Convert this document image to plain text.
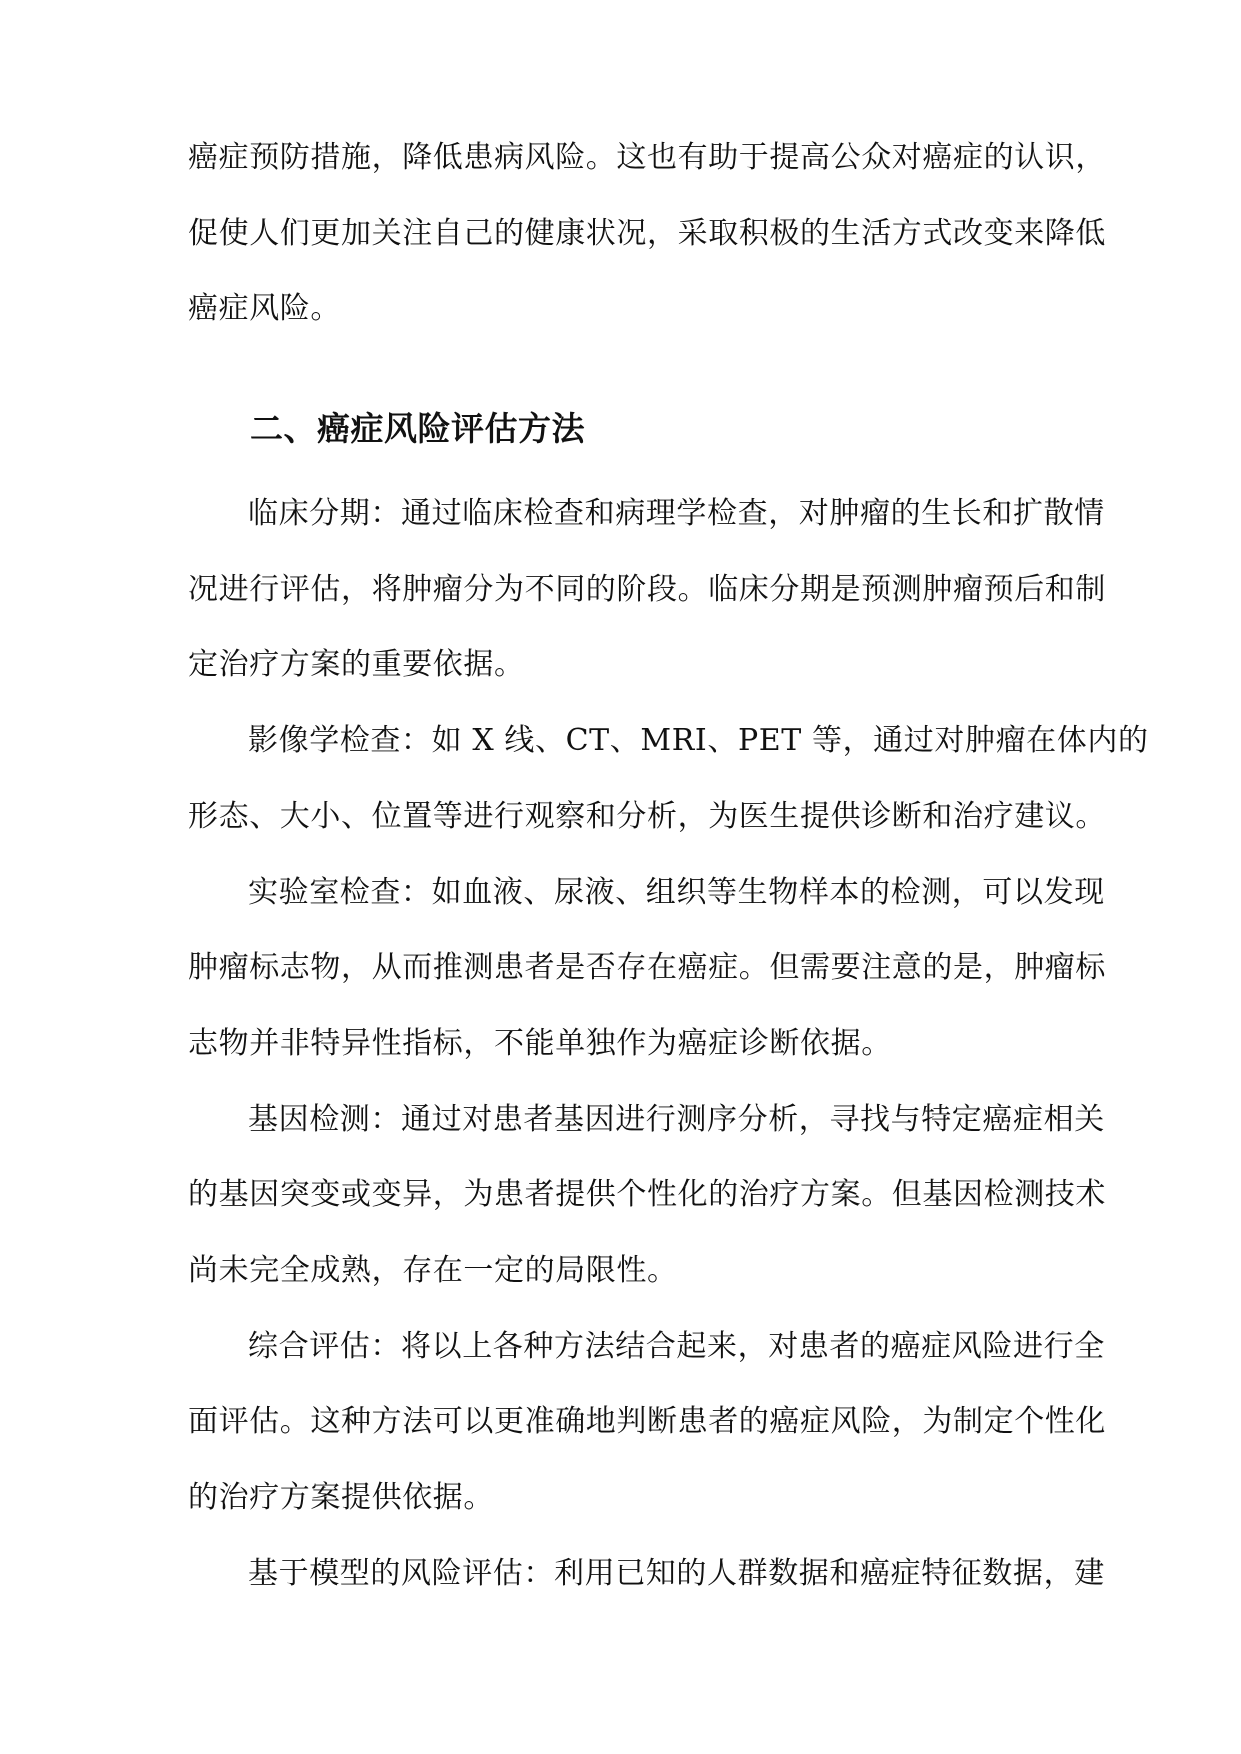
癌症预防措施，降低患病风险。这也有助于提高公众对癌症的认识，
促使人们更加关注自己的健康状况，采取积极的生活方式改变来降低
癌症风险。
二、癌症风险评估方法
临床分期：通过临床检查和病理学检查，对肿瘤的生长和扩散情
况进行评估，将肿瘤分为不同的阶段。临床分期是预测肿瘤预后和制
定治疗方案的重要依据。
影像学检查：如 X 线、CT、MRI、PET 等，通过对肿瘤在体内的
形态、大小、位置等进行观察和分析，为医生提供诊断和治疗建议。
实验室检查：如血液、尿液、组织等生物样本的检测，可以发现
肿瘤标志物，从而推测患者是否存在癌症。但需要注意的是，肿瘤标
志物并非特异性指标，不能单独作为癌症诊断依据。
基因检测：通过对患者基因进行测序分析，寻找与特定癌症相关
的基因突变或变异，为患者提供个性化的治疗方案。但基因检测技术
尚未完全成熟，存在一定的局限性。
综合评估：将以上各种方法结合起来，对患者的癌症风险进行全
面评估。这种方法可以更准确地判断患者的癌症风险，为制定个性化
的治疗方案提供依据。
基于模型的风险评估：利用已知的人群数据和癌症特征数据，建
